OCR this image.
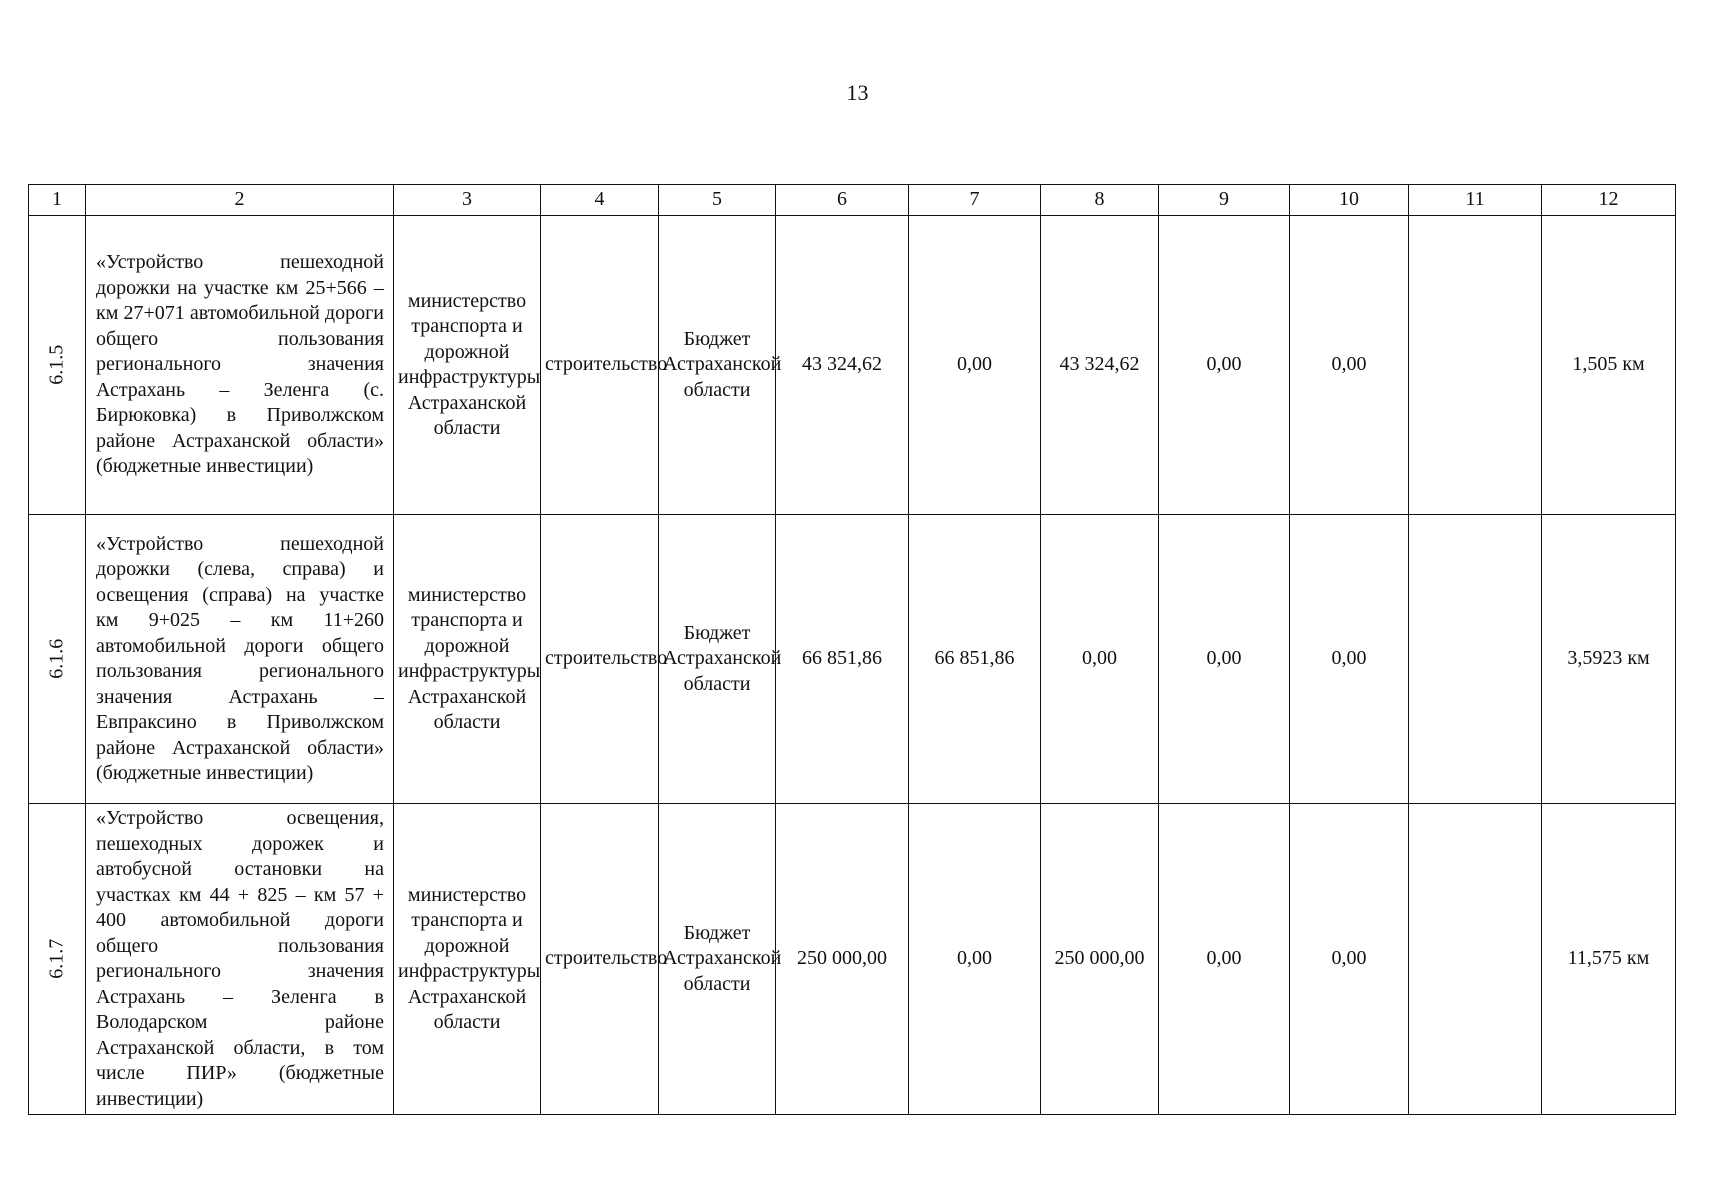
13
1	2	3	4	5	6	7	8	9	10	11	12
6.1.5	«Устройство пешеходной дорожки на участке км 25+566 – км 27+071 автомобильной дороги общего пользования регионального значения Астрахань – Зеленга (с. Бирюковка) в Приволжском районе Астраханской области» (бюджетные инвестиции)	министерство транспорта и дорожной инфраструктуры Астраханской области	строительство	Бюджет Астраханской области	43 324,62	0,00	43 324,62	0,00	0,00		1,505 км
6.1.6	«Устройство пешеходной дорожки (слева, справа) и освещения (справа) на участке км 9+025 – км 11+260 автомобильной дороги общего пользования регионального значения Астрахань – Евпраксино в Приволжском районе Астраханской области» (бюджетные инвестиции)	министерство транспорта и дорожной инфраструктуры Астраханской области	строительство	Бюджет Астраханской области	66 851,86	66 851,86	0,00	0,00	0,00		3,5923 км
6.1.7	«Устройство освещения, пешеходных дорожек и автобусной остановки на участках км 44 + 825 – км 57 + 400 автомобильной дороги общего пользования регионального значения Астрахань – Зеленга в Володарском районе Астраханской области, в том числе ПИР» (бюджетные инвестиции)	министерство транспорта и дорожной инфраструктуры Астраханской области	строительство	Бюджет Астраханской области	250 000,00	0,00	250 000,00	0,00	0,00		11,575 км
